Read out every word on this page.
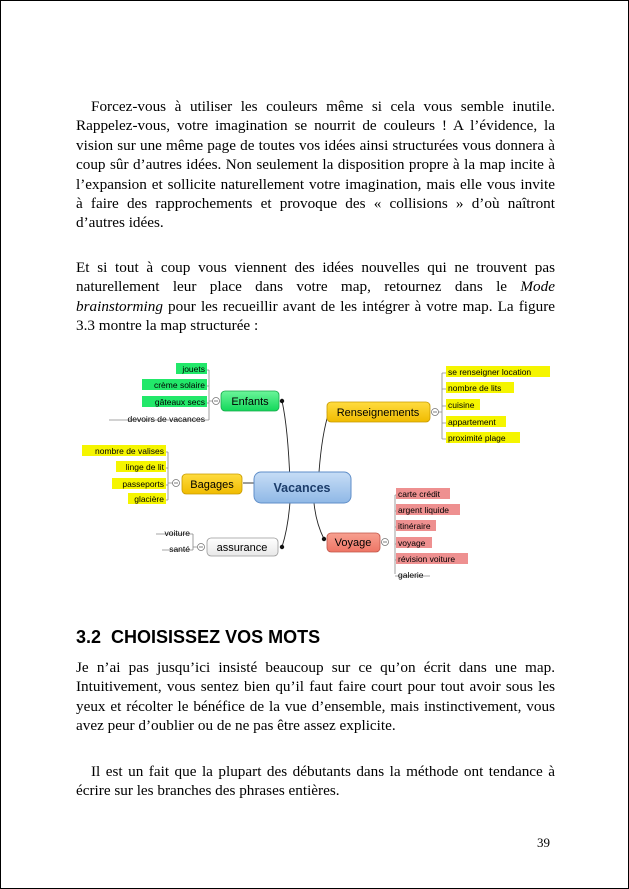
Forcez-vous à utiliser les couleurs même si cela vous semble inutile. Rappelez-vous, votre imagination se nourrit de couleurs ! A l’évidence, la vision sur une même page de toutes vos idées ainsi structurées vous donnera à coup sûr d’autres idées. Non seulement la disposition propre à la map incite à l’expansion et sollicite naturellement votre imagination, mais elle vous invite à faire des rapprochements et provoque des « collisions » d’où naîtront d’autres idées.

Et si tout à coup vous viennent des idées nouvelles qui ne trouvent pas naturellement leur place dans votre map, retournez dans le Mode brainstorming pour les recueillir avant de les intégrer à votre map. La figure 3.3 montre la map structurée :

Vacances
Enfants
Bagages
assurance
Renseignements
Voyage
jouets
crème solaire
gâteaux secs
devoirs de vacances
nombre de valises
linge de lit
passeports
glacière
voiture
santé
se renseigner location
nombre de lits
cuisine
appartement
proximité plage
carte crédit
argent liquide
itinéraire
voyage
révision voiture
galerie
3.2 CHOISISSEZ VOS MOTS

Je n’ai pas jusqu’ici insisté beaucoup sur ce qu’on écrit dans une map. Intuitivement, vous sentez bien qu’il faut faire court pour tout avoir sous les yeux et récolter le bénéfice de la vue d’ensemble, mais instinctivement, vous avez peur d’oublier ou de ne pas être assez explicite.

Il est un fait que la plupart des débutants dans la méthode ont tendance à écrire sur les branches des phrases entières.

39
